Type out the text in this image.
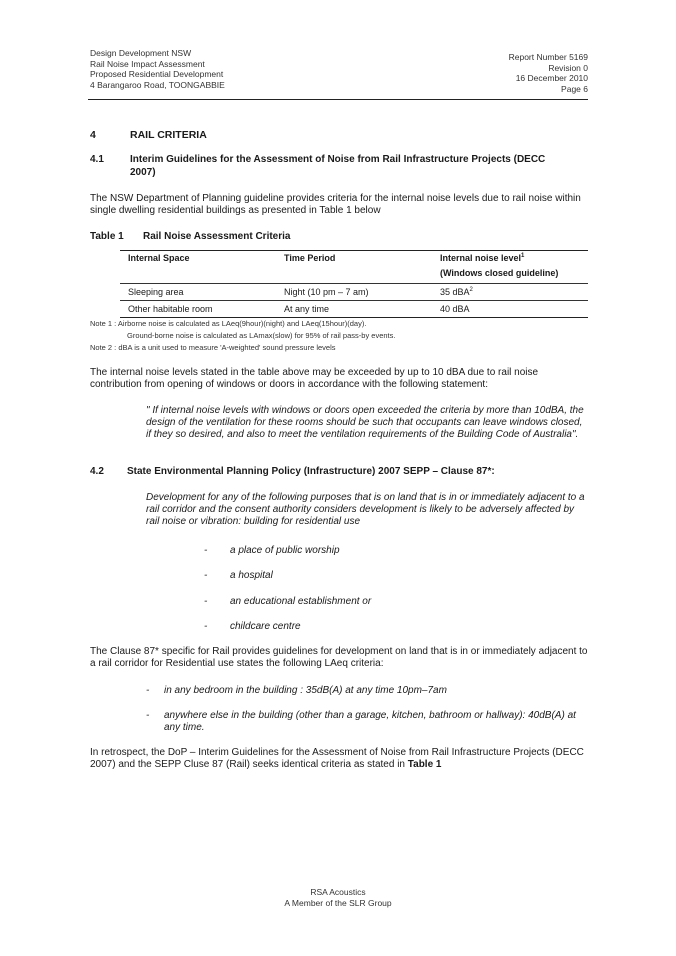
Design Development NSW
Rail Noise Impact Assessment
Proposed Residential Development
4 Barangaroo Road, TOONGABBIE
Report Number 5169
Revision 0
16 December 2010
Page 6
4	RAIL CRITERIA
4.1	Interim Guidelines for the Assessment of Noise from Rail Infrastructure Projects (DECC 2007)
The NSW Department of Planning guideline provides criteria for the internal noise levels due to rail noise within single dwelling residential buildings as presented in Table 1 below
Table 1 Rail Noise Assessment Criteria
Internal Space	Time Period	Internal noise level$^1$
(Windows closed guideline)

Sleeping area	Night (10 pm – 7 am)	35 dBA$^2$
Other habitable room	At any time	40 dBA
Note 1 : Airborne noise is calculated as LAeq(9hour)(night) and LAeq(15hour)(day).
Ground-borne noise is calculated as LAmax(slow) for 95% of rail pass-by events.
Note 2 : dBA is a unit used to measure 'A-weighted' sound pressure levels
The internal noise levels stated in the table above may be exceeded by up to 10 dBA due to rail noise contribution from opening of windows or doors in accordance with the following statement:
" If internal noise levels with windows or doors open exceeded the criteria by more than 10dBA, the design of the ventilation for these rooms should be such that occupants can leave windows closed, if they so desired, and also to meet the ventilation requirements of the Building Code of Australia".
4.2 State Environmental Planning Policy (Infrastructure) 2007 SEPP – Clause 87*:
Development for any of the following purposes that is on land that is in or immediately adjacent to a rail corridor and the consent authority considers development is likely to be adversely affected by rail noise or vibration: building for residential use
- a place of public worship
- a hospital
- an educational establishment or
- childcare centre
The Clause 87* specific for Rail provides guidelines for development on land that is in or immediately adjacent to a rail corridor for Residential use states the following LAeq criteria:
- in any bedroom in the building : 35dB(A) at any time 10pm–7am
-	anywhere else in the building (other than a garage, kitchen, bathroom or hallway): 40dB(A) at any time.
In retrospect, the DoP – Interim Guidelines for the Assessment of Noise from Rail Infrastructure Projects (DECC 2007) and the SEPP Cluse 87 (Rail) seeks identical criteria as stated in Table 1
RSA Acoustics
A Member of the SLR Group
